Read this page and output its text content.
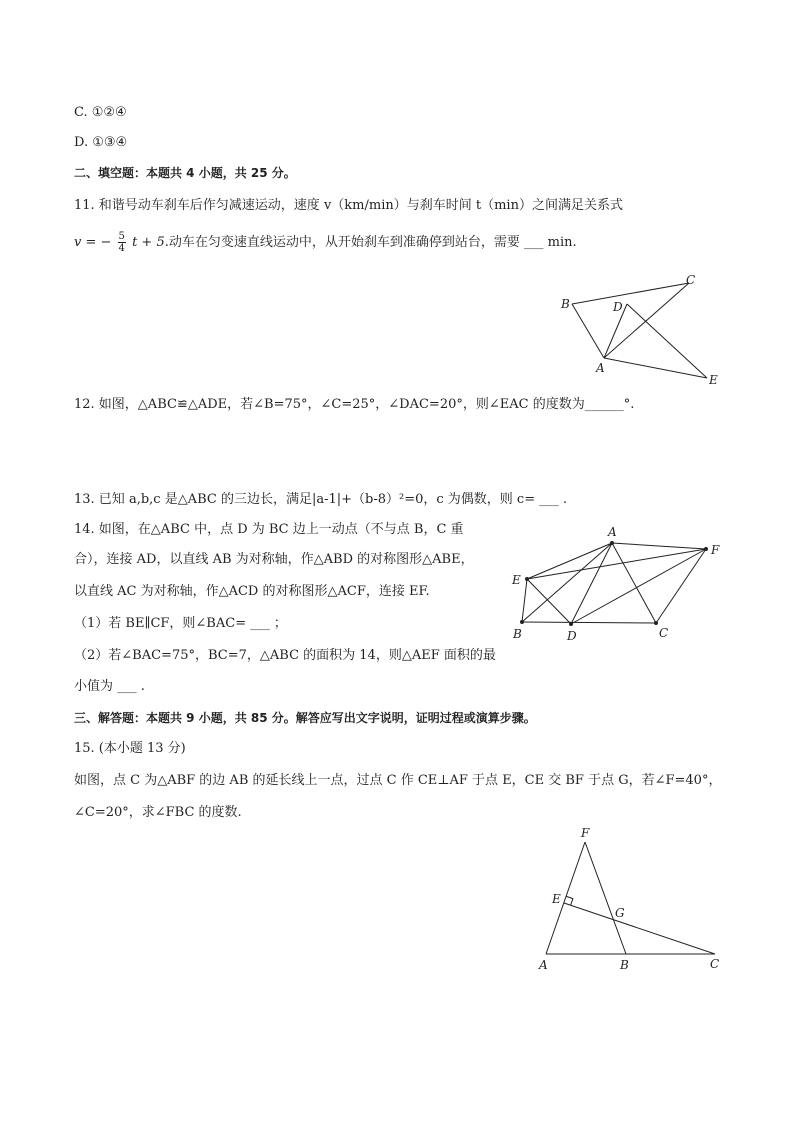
C. ①②④
D. ①③④
二、填空题：本题共 4 小题，共 25 分。
11. 和谐号动车刹车后作匀减速运动，速度 v（km/min）与刹车时间 t（min）之间满足关系式
v = − $\frac{5}{4}$ t + 5.动车在匀变速直线运动中，从开始刹车到准确停到站台，需要 ___ min.
B
C
D
A
E
12. 如图，△ABC≌△ADE，若∠B=75°，∠C=25°，∠DAC=20°，则∠EAC 的度数为______°.
13. 已知 a,b,c 是△ABC 的三边长，满足|a-1|+（b-8）²=0，c 为偶数，则 c= ___ .
14. 如图，在△ABC 中，点 D 为 BC 边上一动点（不与点 B，C 重
合），连接 AD，以直线 AB 为对称轴，作△ABD 的对称图形△ABE，
以直线 AC 为对称轴，作△ACD 的对称图形△ACF，连接 EF.
（1）若 BE∥CF，则∠BAC= ___ ；
（2）若∠BAC=75°，BC=7，△ABC 的面积为 14，则△AEF 面积的最
小值为 ___ .
A
F
E
B	D	C
三、解答题：本题共 9 小题，共 85 分。解答应写出文字说明，证明过程或演算步骤。
15. (本小题 13 分)
如图，点 C 为△ABF 的边 AB 的延长线上一点，过点 C 作 CE⊥AF 于点 E，CE 交 BF 于点 G，若∠F=40°，
∠C=20°，求∠FBC 的度数.
F
E
G
A	B	C
